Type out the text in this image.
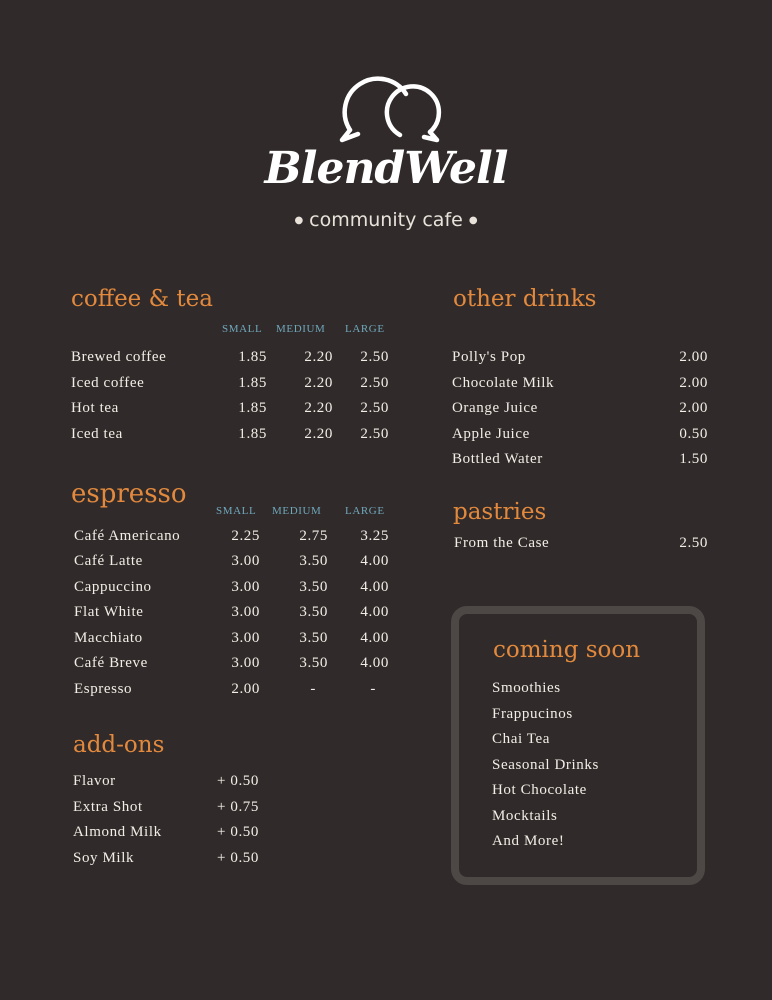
BlendWell
● community cafe ●
coffee & tea
SMALL MEDIUM LARGE
Brewed coffee	1.85 2.20 2.50
Iced coffee	1.85 2.20 2.50
Hot tea	1.85 2.20 2.50
Iced tea	1.85 2.20 2.50
espresso
SMALL MEDIUM LARGE
Café Americano	2.25	2.75 3.25
Café Latte	3.00	3.50 4.00
Cappuccino	3.00	3.50 4.00
Flat White	3.00	3.50 4.00
Macchiato	3.00	3.50 4.00
Café Breve	3.00	3.50 4.00
Espresso	2.00	-	-
add-ons
Flavor	+ 0.50
Extra Shot	+ 0.75
Almond Milk	+ 0.50
Soy Milk	+ 0.50
other drinks
Polly's Pop	2.00
Chocolate Milk	2.00
Orange Juice	2.00
Apple Juice	0.50
Bottled Water	1.50
pastries
From the Case	2.50
coming soon
Smoothies
Frappucinos
Chai Tea
Seasonal Drinks
Hot Chocolate
Mocktails
And More!
